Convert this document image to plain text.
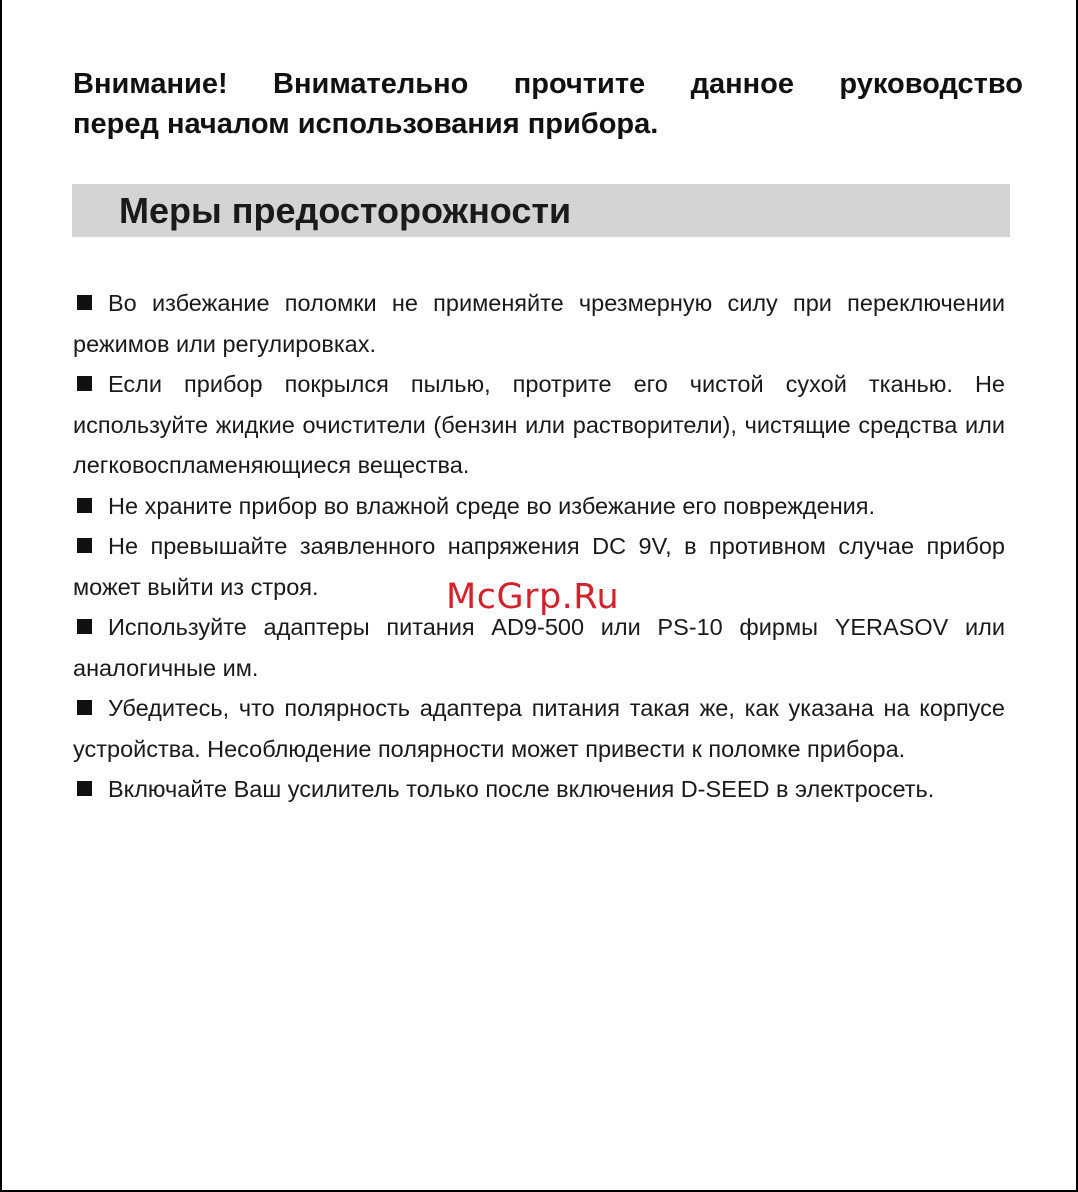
Внимание! Внимательно прочтите данное руководство
перед началом использования прибора.
Меры предосторожности

Во избежание поломки не применяйте чрезмерную силу при переключении режимов или регулировках.

Если прибор покрылся пылью, протрите его чистой сухой тканью. Не используйте жидкие очистители (бензин или растворители), чистящие средства или легковоспламеняющиеся вещества.

Не храните прибор во влажной среде во избежание его повреждения.

Не превышайте заявленного напряжения DC 9V, в противном случае прибор может выйти из строя.

Используйте адаптеры питания AD9-500 или PS-10 фирмы YERASOV или аналогичные им.

Убедитесь, что полярность адаптера питания такая же, как указана на корпусе устройства. Несоблюдение полярности может привести к поломке прибора.

Включайте Ваш усилитель только после включения D-SEED в электросеть.

McGrp.Ru
